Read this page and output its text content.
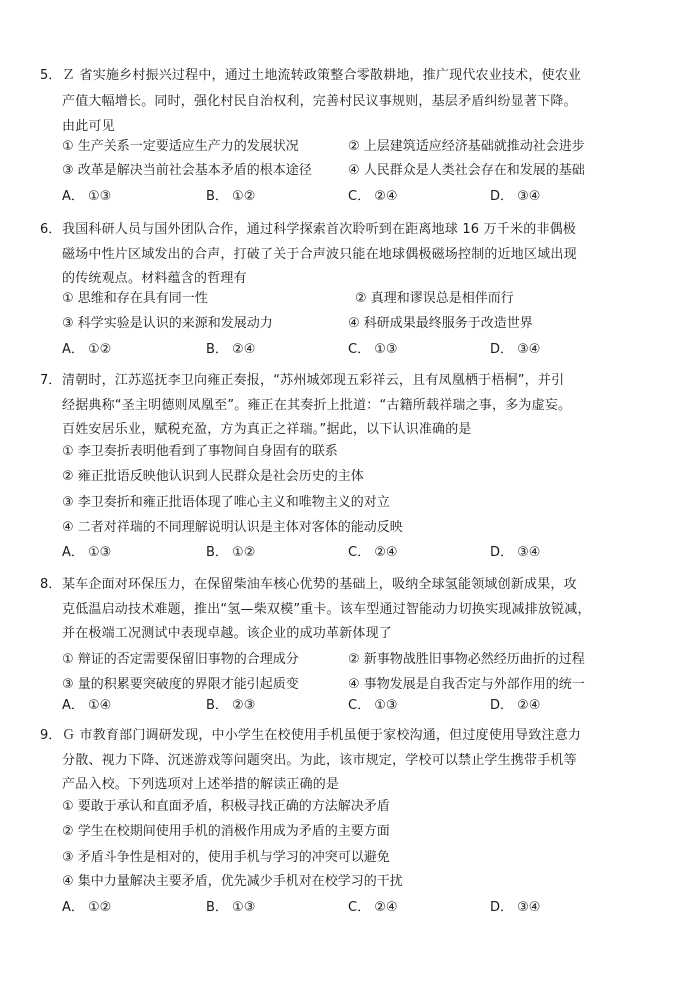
5． Ｚ 省实施乡村振兴过程中，通过土地流转政策整合零散耕地，推广现代农业技术，使农业
产值大幅增长。同时，强化村民自治权利，完善村民议事规则，基层矛盾纠纷显著下降。
由此可见
① 生产关系一定要适应生产力的发展状况	② 上层建筑适应经济基础就推动社会进步
③ 改革是解决当前社会基本矛盾的根本途径	④ 人民群众是人类社会存在和发展的基础
A． ①③	B． ①②	C． ②④	D． ③④
6． 我国科研人员与国外团队合作，通过科学探索首次聆听到在距离地球 16 万千米的非偶极
磁场中性片区域发出的合声，打破了关于合声波只能在地球偶极磁场控制的近地区域出现
的传统观点。材料蕴含的哲理有
① 思维和存在具有同一性	② 真理和谬误总是相伴而行
③ 科学实验是认识的来源和发展动力	④ 科研成果最终服务于改造世界
A． ①②	B． ②④	C． ①③	D． ③④
7． 清朝时，江苏巡抚李卫向雍正奏报，“苏州城郊现五彩祥云，且有凤凰栖于梧桐”，并引
经据典称“圣主明德则凤凰至”。雍正在其奏折上批道：“古籍所载祥瑞之事，多为虚妄。
百姓安居乐业，赋税充盈，方为真正之祥瑞。”据此，以下认识准确的是
① 李卫奏折表明他看到了事物间自身固有的联系
② 雍正批语反映他认识到人民群众是社会历史的主体
③ 李卫奏折和雍正批语体现了唯心主义和唯物主义的对立
④ 二者对祥瑞的不同理解说明认识是主体对客体的能动反映
A． ①③	B． ①②	C． ②④	D． ③④
8． 某车企面对环保压力，在保留柴油车核心优势的基础上，吸纳全球氢能领域创新成果，攻
克低温启动技术难题，推出“氢—柴双模”重卡。该车型通过智能动力切换实现减排放锐减，
并在极端工况测试中表现卓越。该企业的成功革新体现了
① 辩证的否定需要保留旧事物的合理成分	② 新事物战胜旧事物必然经历曲折的过程
③ 量的积累要突破度的界限才能引起质变	④ 事物发展是自我否定与外部作用的统一
A． ①④	B． ②③	C． ①③	D． ②④
9． Ｇ 市教育部门调研发现，中小学生在校使用手机虽便于家校沟通，但过度使用导致注意力
分散、视力下降、沉迷游戏等问题突出。为此，该市规定，学校可以禁止学生携带手机等
产品入校。下列选项对上述举措的解读正确的是
① 要敢于承认和直面矛盾，积极寻找正确的方法解决矛盾
② 学生在校期间使用手机的消极作用成为矛盾的主要方面
③ 矛盾斗争性是相对的，使用手机与学习的冲突可以避免
④ 集中力量解决主要矛盾，优先减少手机对在校学习的干扰
A． ①②	B． ①③	C． ②④	D． ③④
